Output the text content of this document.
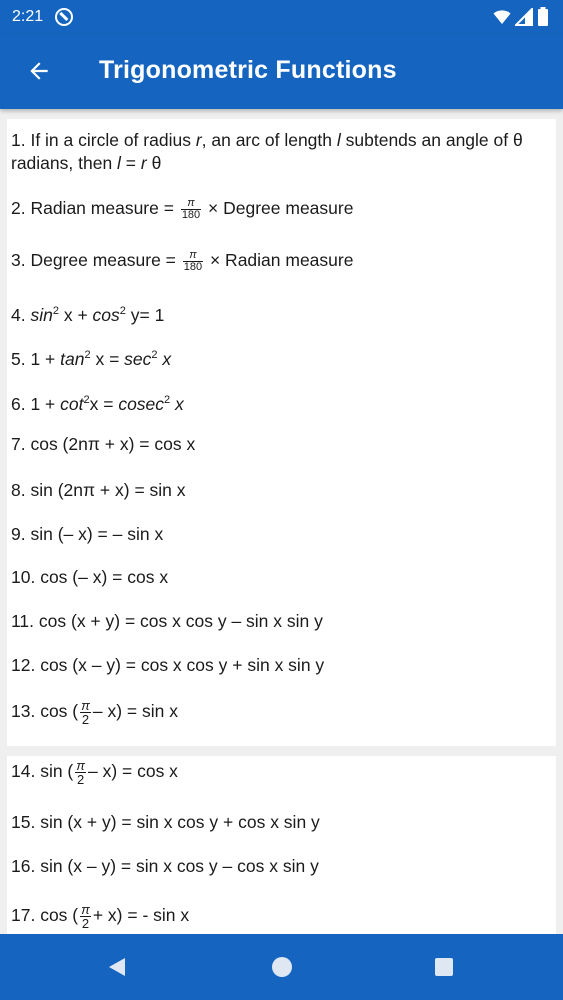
2:21
Trigonometric Functions
1. If in a circle of radius r, an arc of length l subtends an angle of θ radians, then l = r θ
2. Radian measure = $\frac{\pi}{180}$ × Degree measure
3. Degree measure = $\frac{\pi}{180}$ × Radian measure
4. $\sin^2 x + \cos^2 y= 1$
5. $1 + \tan^2 x = \sec^2 x$
6. $1 + \cot^2x = cosec^2$ x
7. cos (2nπ + x) = cos x
8. sin (2nπ + x) = sin x
9. sin (– x) = – sin x
10. cos (– x) = cos x
11. cos (x + y) = cos x cos y – sin x sin y
12. cos (x – y) = cos x cos y + sin x sin y
13. cos ( $\frac{\pi}{2} - x) = \sin x$
14. sin ( $\frac{\pi}{2} - x) = \cos x$
15. sin (x + y) = sin x cos y + cos x sin y
16. sin (x – y) = sin x cos y – cos x sin y
17. cos ( $\frac{\pi}{2} + x$) = - sin x
